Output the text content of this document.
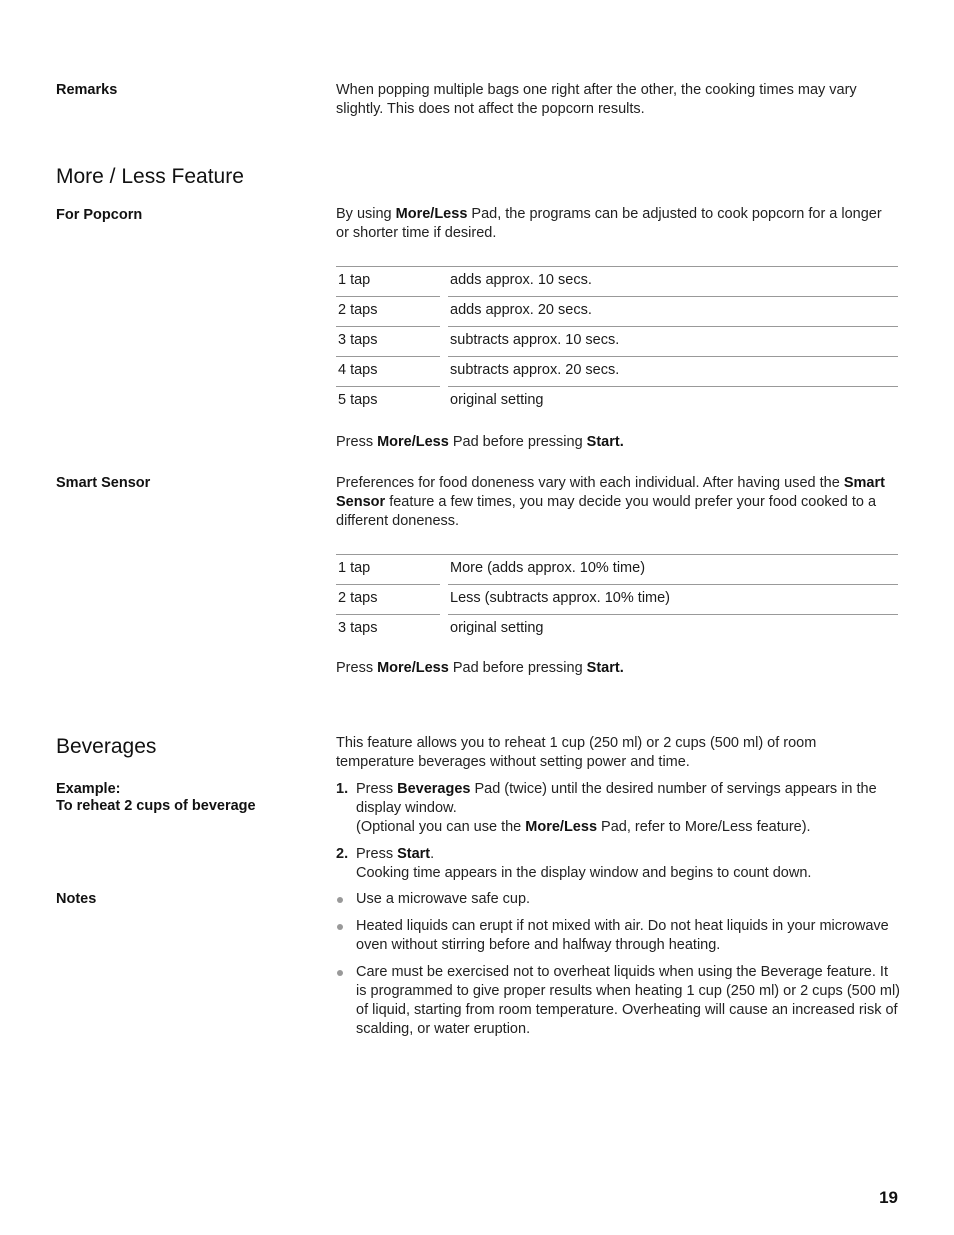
Remarks	When popping multiple bags one right after the other, the cooking times may vary slightly. This does not affect the popcorn results.
More / Less Feature
For Popcorn	By using More/Less Pad, the programs can be adjusted to cook popcorn for a longer or shorter time if desired.
1 tap	adds approx. 10 secs.
2 taps	adds approx. 20 secs.
3 taps	subtracts approx. 10 secs.
4 taps	subtracts approx. 20 secs.
5 taps	original setting
Press More/Less Pad before pressing Start.
Smart Sensor	Preferences for food doneness vary with each individual. After having used the Smart Sensor feature a few times, you may decide you would prefer your food cooked to a different doneness.
1 tap	More (adds approx. 10% time)
2 taps	Less (subtracts approx. 10% time)
3 taps	original setting
Press More/Less Pad before pressing Start.
Beverages	This feature allows you to reheat 1 cup (250 ml) or 2 cups (500 ml) of room temperature beverages without setting power and time.
Example:
To reheat 2 cups of beverage
1. Press Beverages Pad (twice) until the desired number of servings appears in the display window.
(Optional you can use the More/Less Pad, refer to More/Less feature).
2. Press Start.
Cooking time appears in the display window and begins to count down.
Notes	Use a microwave safe cup.
Heated liquids can erupt if not mixed with air. Do not heat liquids in your microwave oven without stirring before and halfway through heating.
Care must be exercised not to overheat liquids when using the Beverage feature. It is programmed to give proper results when heating 1 cup (250 ml) or 2 cups (500 ml) of liquid, starting from room temperature. Overheating will cause an increased risk of scalding, or water eruption.
19
